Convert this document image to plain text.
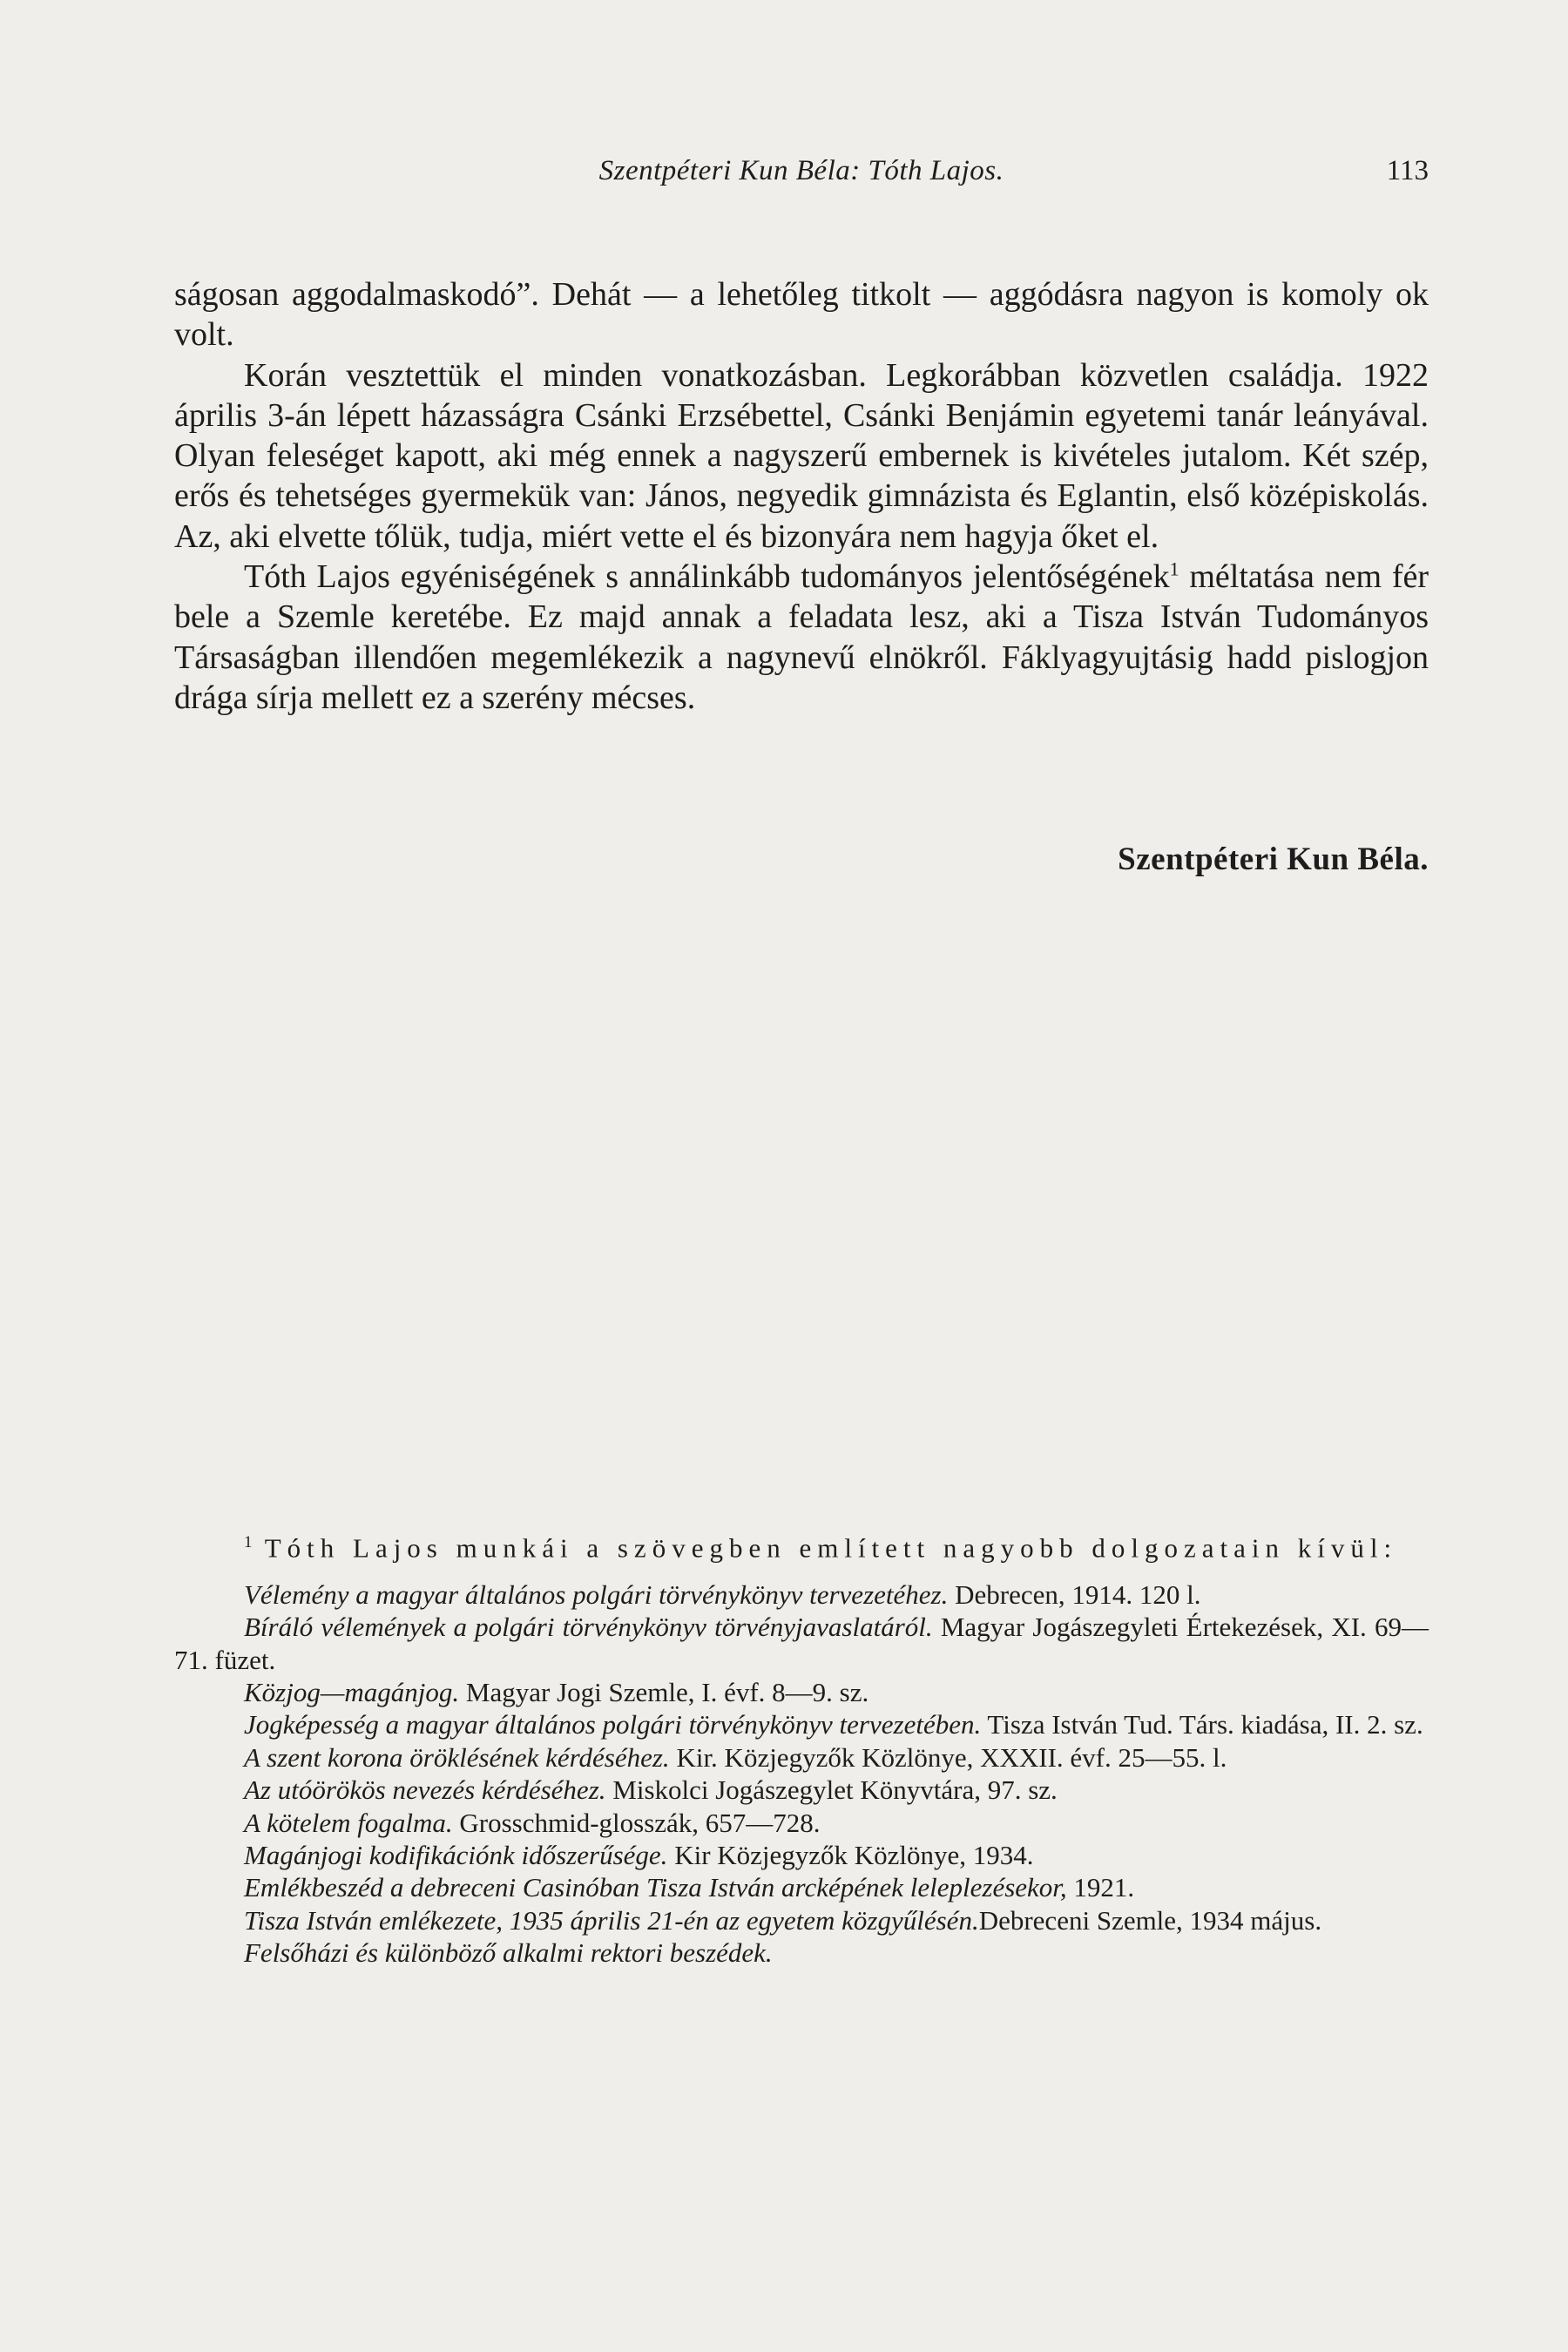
Szentpéteri Kun Béla: Tóth Lajos.	113

ságosan aggodalmaskodó”. Dehát — a lehetőleg titkolt — aggódásra nagyon is komoly ok volt.

Korán vesztettük el minden vonatkozásban. Legkorábban közvetlen családja. 1922 április 3-án lépett házasságra Csánki Erzsébettel, Csánki Benjámin egyetemi tanár leányával. Olyan feleséget kapott, aki még ennek a nagyszerű embernek is kivételes jutalom. Két szép, erős és tehetséges gyermekük van: János, negyedik gimnázista és Eglantin, első középiskolás. Az, aki elvette tőlük, tudja, miért vette el és bizonyára nem hagyja őket el.

Tóth Lajos egyéniségének s annálinkább tudományos jelentőségének$^1$ méltatása nem fér bele a Szemle keretébe. Ez majd annak a feladata lesz, aki a Tisza István Tudományos Társaságban illendően megemlékezik a nagynevű elnökről. Fáklyagyujtásig hadd pislogjon drága sírja mellett ez a szerény mécses.

Szentpéteri Kun Béla.

$^1$ Tóth Lajos munkái a szövegben említett nagyobb dolgozatain kívül:

Vélemény a magyar általános polgári törvénykönyv tervezetéhez. Debrecen, 1914. 120 l.

Bíráló vélemények a polgári törvénykönyv törvényjavaslatáról. Magyar Jogászegyleti Értekezések, XI. 69—71. füzet.

Közjog—magánjog. Magyar Jogi Szemle, I. évf. 8—9. sz.

Jogképesség a magyar általános polgári törvénykönyv tervezetében. Tisza István Tud. Társ. kiadása, II. 2. sz.

A szent korona öröklésének kérdéséhez. Kir. Közjegyzők Közlönye, XXXII. évf. 25—55. l.

Az utóörökös nevezés kérdéséhez. Miskolci Jogászegylet Könyvtára, 97. sz.

A kötelem fogalma. Grosschmid-glosszák, 657—728.

Magánjogi kodifikációnk időszerűsége. Kir Közjegyzők Közlönye, 1934.

Emlékbeszéd a debreceni Casinóban Tisza István arcképének leleplezésekor, 1921.

Tisza István emlékezete, 1935 április 21-én az egyetem közgyűlésén.Debreceni Szemle, 1934 május.

Felsőházi és különböző alkalmi rektori beszédek.
